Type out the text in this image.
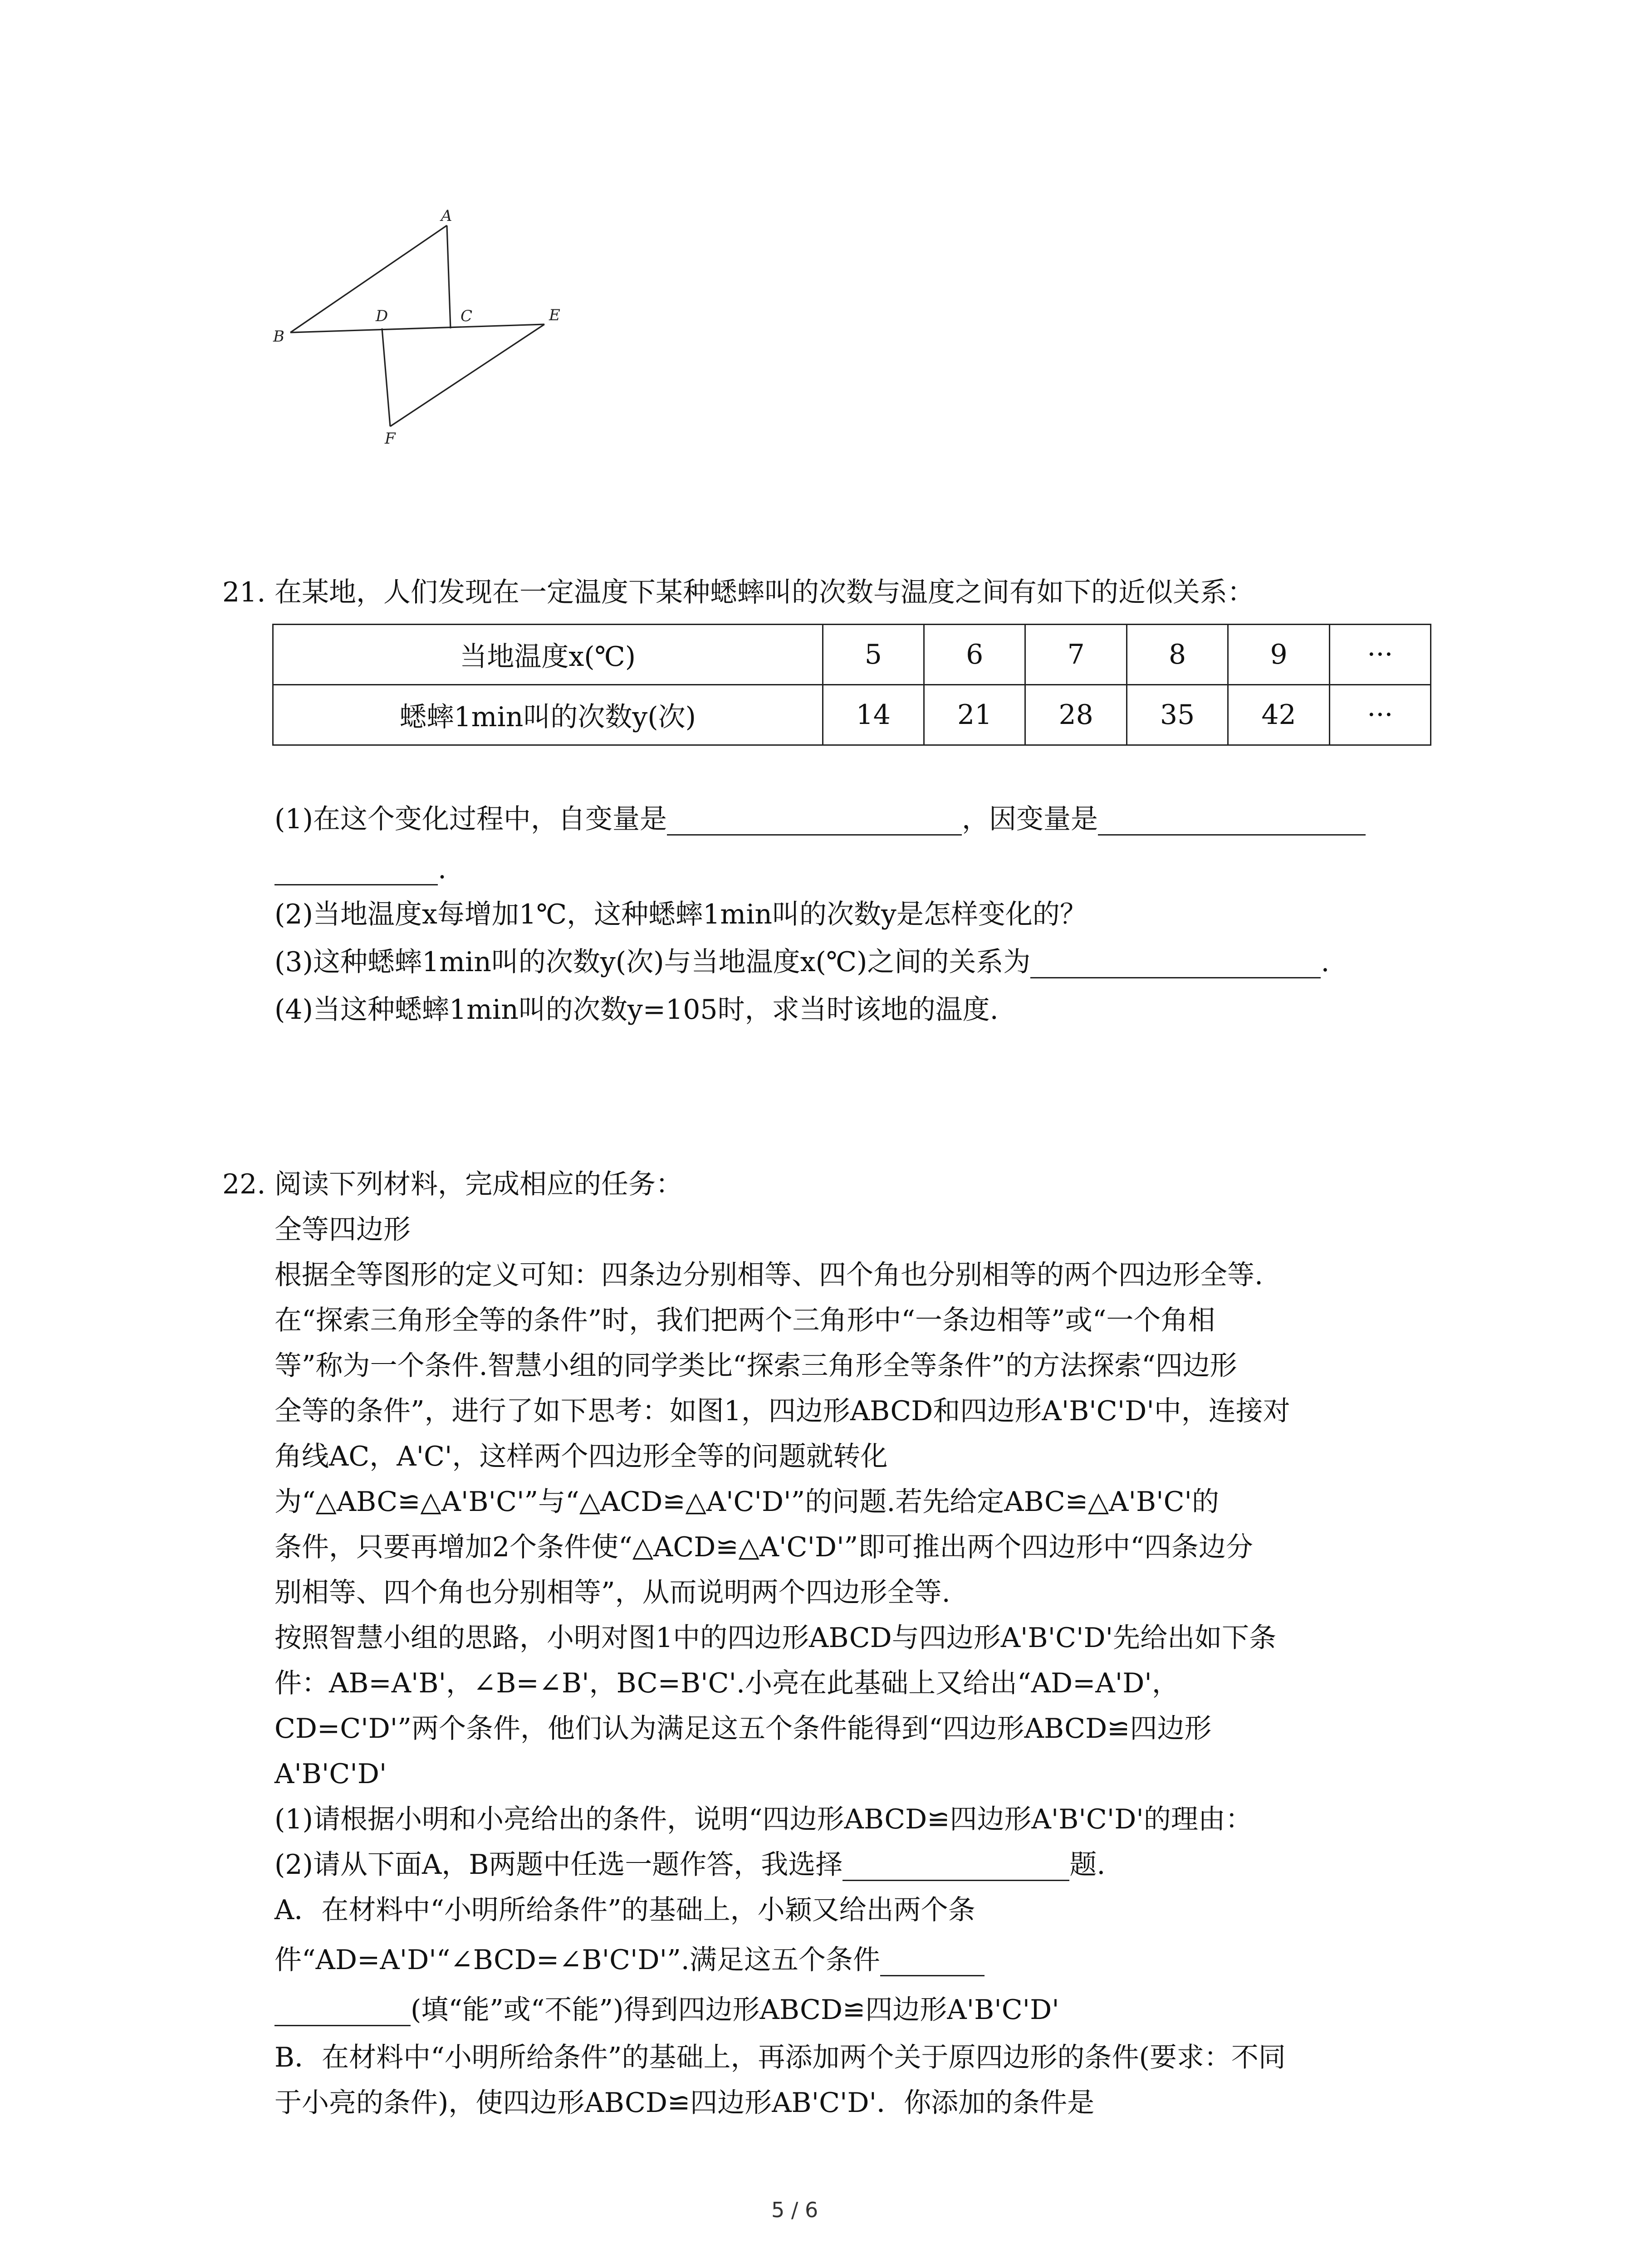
A
B
C
D	E
F
21. 在某地，人们发现在一定温度下某种蟋蟀叫的次数与温度之间有如下的近似关系：
当地温度x(℃)	5	6	7	8	9	···
蟋蟀1min叫的次数y(次)	14	21	28	35	42	···
(1)在这个变化过程中，自变量是	，因变量是
.
(2)当地温度x每增加1℃，这种蟋蟀1min叫的次数y是怎样变化的？
(3)这种蟋蟀1min叫的次数y(次)与当地温度x(℃)之间的关系为	.
(4)当这种蟋蟀1min叫的次数y=105时，求当时该地的温度.
22. 阅读下列材料，完成相应的任务：
全等四边形
根据全等图形的定义可知：四条边分别相等、四个角也分别相等的两个四边形全等.
在“探索三角形全等的条件”时，我们把两个三角形中“一条边相等”或“一个角相
等”称为一个条件.智慧小组的同学类比“探索三角形全等条件”的方法探索“四边形
全等的条件”，进行了如下思考：如图1，四边形ABCD和四边形A'B'C'D'中，连接对
角线AC，A'C'，这样两个四边形全等的问题就转化
为“△ABC≌△A'B'C'”与“△ACD≌△A'C'D'”的问题.若先给定ABC≌△A'B'C'的
条件，只要再增加2个条件使“△ACD≌△A'C'D'”即可推出两个四边形中“四条边分
别相等、四个角也分别相等”，从而说明两个四边形全等.
按照智慧小组的思路，小明对图1中的四边形ABCD与四边形A'B'C'D'先给出如下条
件：AB=A'B'，∠B=∠B'，BC=B'C'.小亮在此基础上又给出“AD=A'D'，
CD=C'D'”两个条件，他们认为满足这五个条件能得到“四边形ABCD≌四边形
A'B'C'D'
(1)请根据小明和小亮给出的条件，说明“四边形ABCD≌四边形A'B'C'D'的理由：
(2)请从下面A，B两题中任选一题作答，我选择	题.
A．在材料中“小明所给条件”的基础上，小颖又给出两个条
件“AD=A'D'“∠BCD=∠B'C'D'”.满足这五个条件
(填“能”或“不能”)得到四边形ABCD≌四边形A'B'C'D'
B．在材料中“小明所给条件”的基础上，再添加两个关于原四边形的条件(要求：不同
于小亮的条件)，使四边形ABCD≌四边形AB'C'D'．你添加的条件是
5 / 6
